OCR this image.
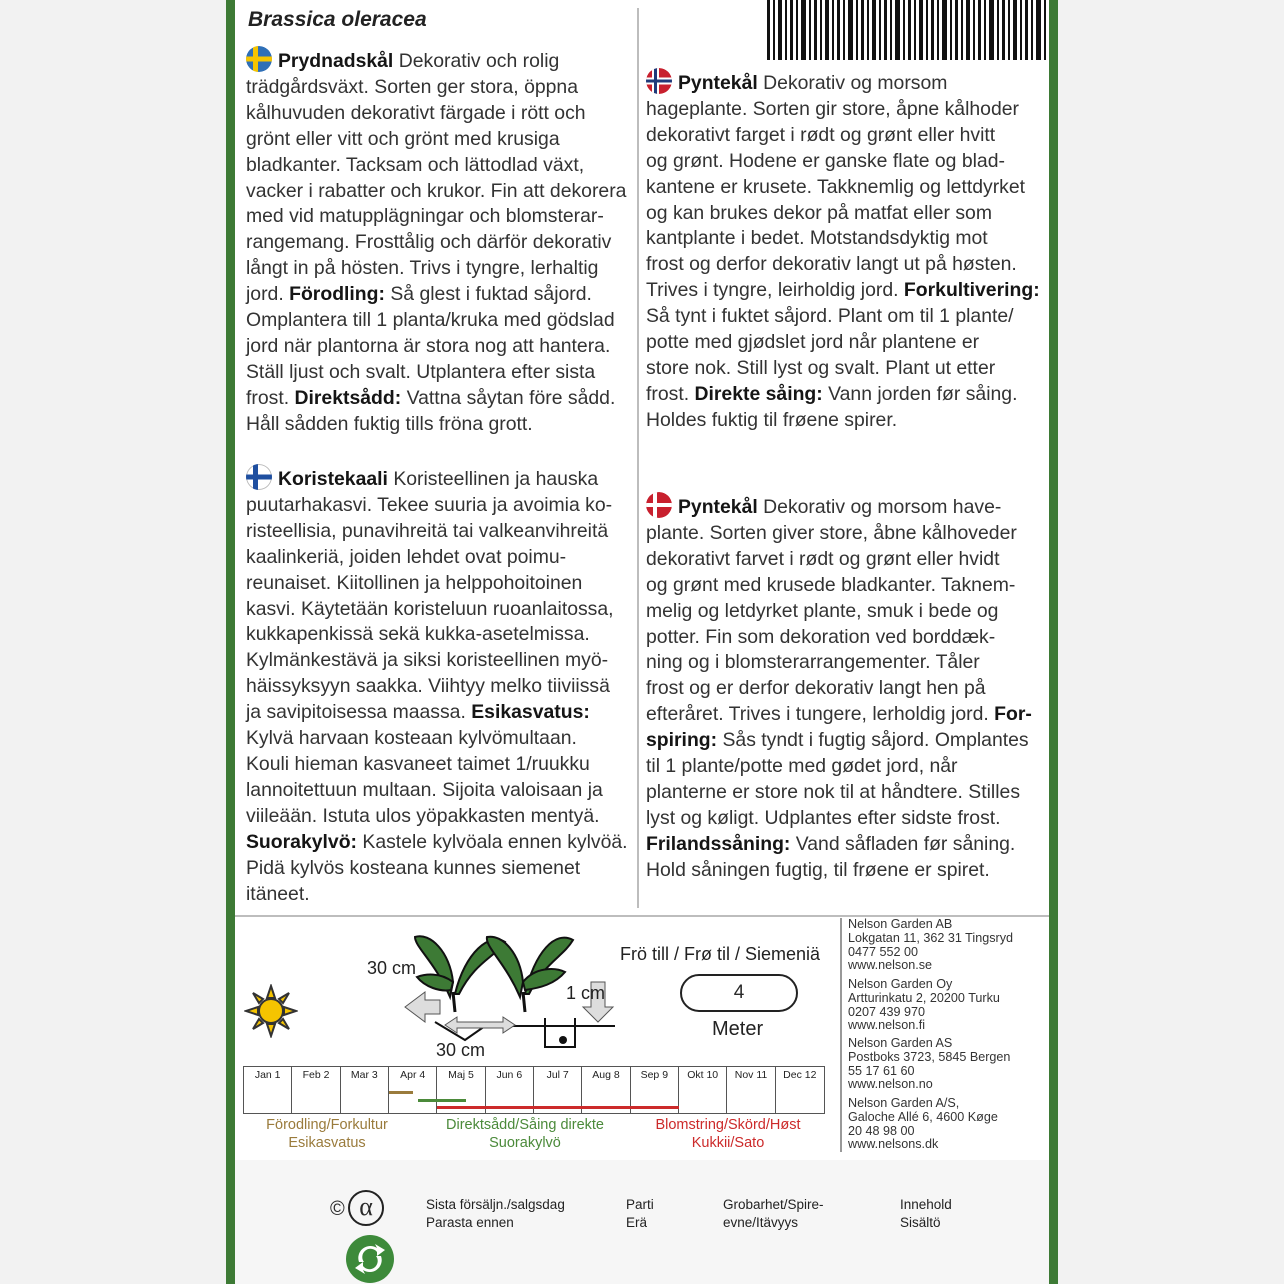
Brassica oleracea
Prydnadskål Dekorativ och rolig
trädgårdsväxt. Sorten ger stora, öppna
kålhuvuden dekorativt färgade i rött och
grönt eller vitt och grönt med krusiga
bladkanter. Tacksam och lättodlad växt,
vacker i rabatter och krukor. Fin att dekorera
med vid matupplägningar och blomsterar-
rangemang. Frosttålig och därför dekorativ
långt in på hösten. Trivs i tyngre, lerhaltig
jord. Förodling: Så glest i fuktad såjord.
Omplantera till 1 planta/kruka med gödslad
jord när plantorna är stora nog att hantera.
Ställ ljust och svalt. Utplantera efter sista
frost. Direktsådd: Vattna såytan före sådd.
Håll sådden fuktig tills fröna grott.
Koristekaali Koristeellinen ja hauska
puutarhakasvi. Tekee suuria ja avoimia ko-
risteellisia, punavihreitä tai valkeanvihreitä
kaalinkeriä, joiden lehdet ovat poimu-
reunaiset. Kiitollinen ja helppohoitoinen
kasvi. Käytetään koristeluun ruoanlaitossa,
kukkapenkissä sekä kukka-asetelmissa.
Kylmänkestävä ja siksi koristeellinen myö-
häissyksyyn saakka. Viihtyy melko tiiviissä
ja savipitoisessa maassa. Esikasvatus:
Kylvä harvaan kosteaan kylvömultaan.
Kouli hieman kasvaneet taimet 1/ruukku
lannoitettuun multaan. Sijoita valoisaan ja
viileään. Istuta ulos yöpakkasten mentyä.
Suorakylvö: Kastele kylvöala ennen kylvöä.
Pidä kylvös kosteana kunnes siemenet
itäneet.
Pyntekål Dekorativ og morsom
hageplante. Sorten gir store, åpne kålhoder
dekorativt farget i rødt og grønt eller hvitt
og grønt. Hodene er ganske flate og blad-
kantene er krusete. Takknemlig og lettdyrket
og kan brukes dekor på matfat eller som
kantplante i bedet. Motstandsdyktig mot
frost og derfor dekorativ langt ut på høsten.
Trives i tyngre, leirholdig jord. Forkultivering:
Så tynt i fuktet såjord. Plant om til 1 plante/
potte med gjødslet jord når plantene er
store nok. Still lyst og svalt. Plant ut etter
frost. Direkte såing: Vann jorden før såing.
Holdes fuktig til frøene spirer.
Pyntekål Dekorativ og morsom have-
plante. Sorten giver store, åbne kålhoveder
dekorativt farvet i rødt og grønt eller hvidt
og grønt med krusede bladkanter. Taknem-
melig og letdyrket plante, smuk i bede og
potter. Fin som dekoration ved borddæk-
ning og i blomsterarrangementer. Tåler
frost og er derfor dekorativ langt hen på
efteråret. Trives i tungere, lerholdig jord. For-
spiring: Sås tyndt i fugtig såjord. Omplantes
til 1 plante/potte med gødet jord, når
planterne er store nok til at håndtere. Stilles
lyst og køligt. Udplantes efter sidste frost.
Frilandssåning: Vand såfladen før såning.
Hold såningen fugtig, til frøene er spiret.
30 cm
30 cm
1 cm
Frö till / Frø til / Siemeniä
4
Meter
Jan 1	Feb 2	Mar 3	Apr 4	Maj 5	Jun 6	Jul 7	Aug 8	Sep 9	Okt 10	Nov 11	Dec 12
Förodling/Forkultur
Esikasvatus
Direktsådd/Såing direkte
Suorakylvö
Blomstring/Skörd/Høst
Kukkii/Sato
Nelson Garden AB
Lokgatan 11, 362 31 Tingsryd
0477 552 00
www.nelson.se
Nelson Garden Oy
Artturinkatu 2, 20200 Turku
0207 439 970
www.nelson.fi
Nelson Garden AS
Postboks 3723, 5845 Bergen
55 17 61 60
www.nelson.no
Nelson Garden A/S,
Galoche Allé 6, 4600 Køge
20 48 98 00
www.nelsons.dk
© α	Sista försäljn./salgsdag
Parasta ennen
Parti
Erä
Grobarhet/Spire-
evne/Itävyys
Innehold
Sisältö
